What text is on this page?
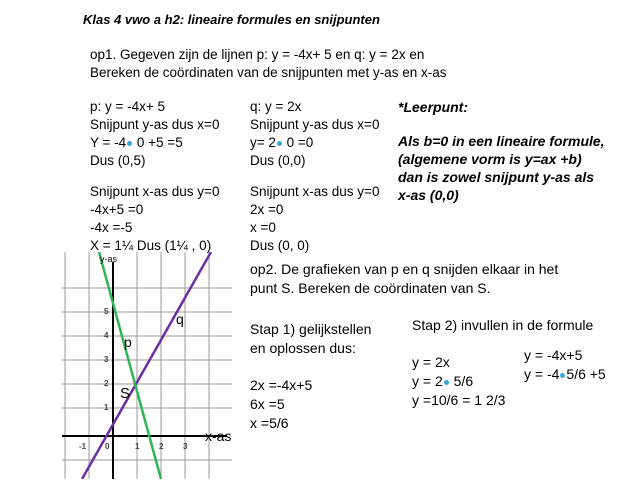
Klas 4 vwo a h2: lineaire formules en snijpunten
op1. Gegeven zijn de lijnen p: y = -4x+ 5 en q: y = 2x en
Bereken de coördinaten van de snijpunten met y-as en x-as
p: y = -4x+ 5
Snijpunt y-as dus x=0
Y = -4 0 +5 =5
Dus (0,5)
Snijpunt x-as dus y=0
-4x+5 =0
-4x =-5
X = 1¼ Dus (1¼ , 0)
q: y = 2x
Snijpunt y-as dus x=0
y= 2 0 =0
Dus (0,0)
Snijpunt x-as dus y=0
2x =0
x =0
Dus (0, 0)
*Leerpunt:
Als b=0 in een lineaire formule,
(algemene vorm is y=ax +b)
dan is zowel snijpunt y-as als
x-as (0,0)
op2. De grafieken van p en q snijden elkaar in het
punt S. Bereken de coördinaten van S.
Stap 1) gelijkstellen
en oplossen dus:
2x =-4x+5
6x =5
x =5/6
Stap 2) invullen in de formule
y = 2x
y = 2 5/6
y =10/6 = 1 2/3
y = -4x+5
y = -4 5/6 +5
y-as
x-as
p
q
S
5
4
3
2
1
-1 0	1 2 3
